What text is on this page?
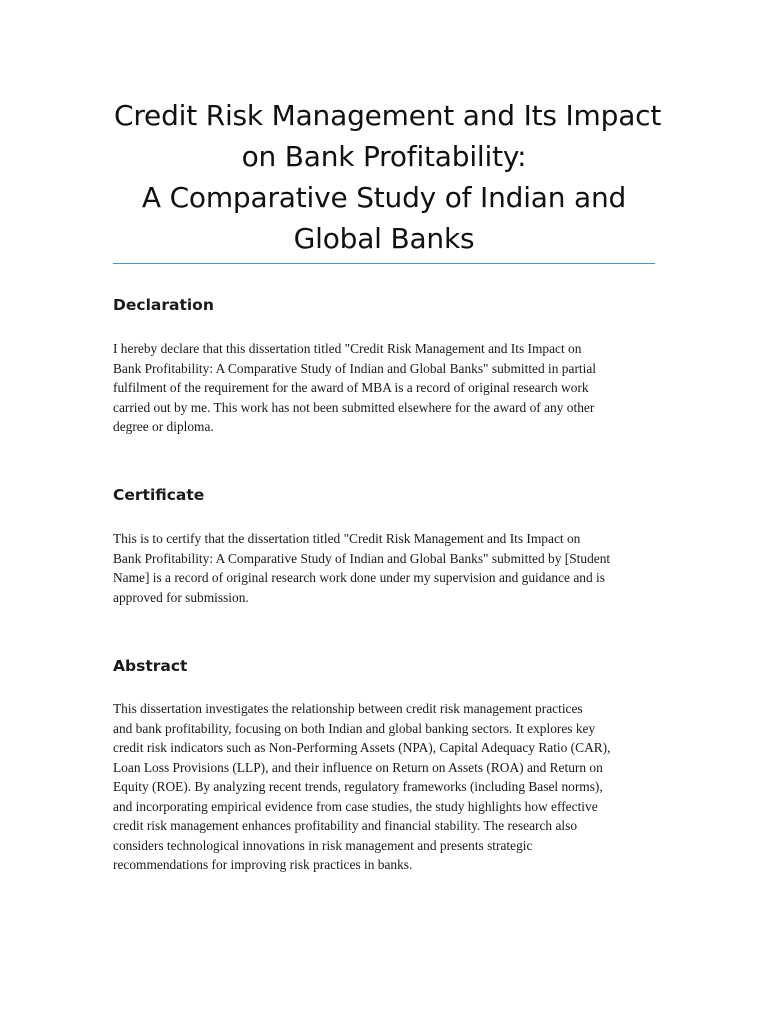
Credit Risk Management and Its Impact
on Bank Profitability:
A Comparative Study of Indian and
Global Banks
Declaration

I hereby declare that this dissertation titled "Credit Risk Management and Its Impact on
Bank Profitability: A Comparative Study of Indian and Global Banks" submitted in partial
fulfilment of the requirement for the award of MBA is a record of original research work
carried out by me. This work has not been submitted elsewhere for the award of any other
degree or diploma.

Certificate

This is to certify that the dissertation titled "Credit Risk Management and Its Impact on
Bank Profitability: A Comparative Study of Indian and Global Banks" submitted by [Student
Name] is a record of original research work done under my supervision and guidance and is
approved for submission.

Abstract

This dissertation investigates the relationship between credit risk management practices
and bank profitability, focusing on both Indian and global banking sectors. It explores key
credit risk indicators such as Non-Performing Assets (NPA), Capital Adequacy Ratio (CAR),
Loan Loss Provisions (LLP), and their influence on Return on Assets (ROA) and Return on
Equity (ROE). By analyzing recent trends, regulatory frameworks (including Basel norms),
and incorporating empirical evidence from case studies, the study highlights how effective
credit risk management enhances profitability and financial stability. The research also
considers technological innovations in risk management and presents strategic
recommendations for improving risk practices in banks.
